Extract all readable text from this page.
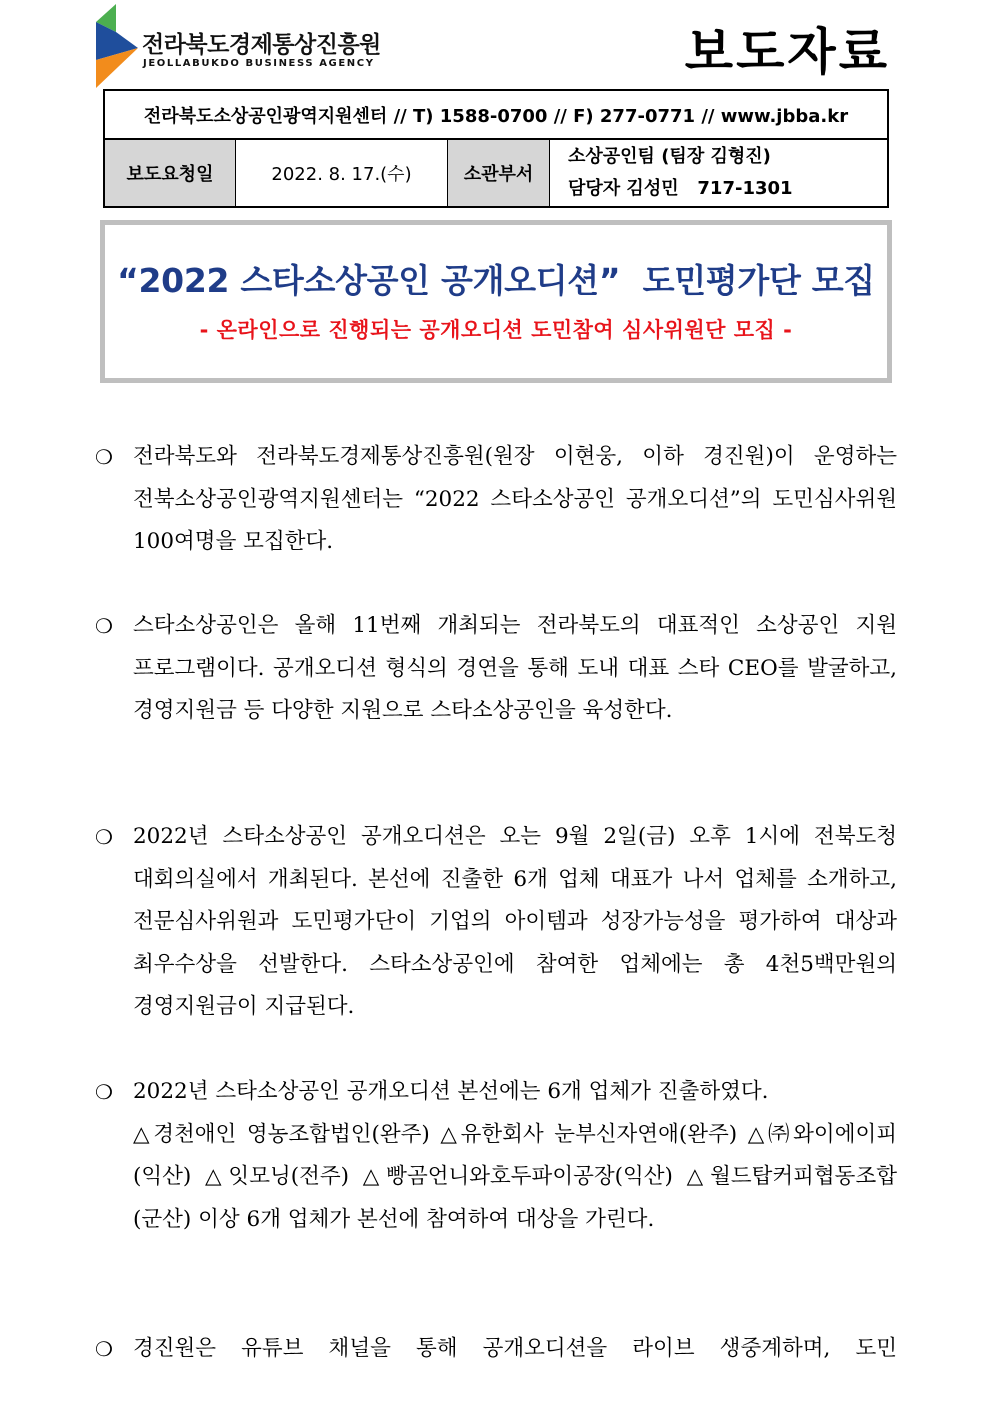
전라북도경제통상진흥원
JEOLLABUKDO BUSINESS AGENCY	보도자료
전라북도소상공인광역지원센터 // T) 1588-0700 // F) 277-0771 // www.jbba.kr
보도요청일	2022. 8. 17.(수)	소관부서
소상공인팀 (팀장 김형진)
담당자 김성민   717-1301
“2022 스타소상공인 공개오디션”  도민평가단 모집
- 온라인으로 진행되는 공개오디션 도민참여 심사위원단 모집 -
❍ 전라북도와 전라북도경제통상진흥원(원장 이현웅, 이하 경진원)이 운영하는 전북소상공인광역지원센터는 “2022 스타소상공인 공개오디션”의 도민심사위원 100여명을 모집한다.
❍ 스타소상공인은 올해 11번째 개최되는 전라북도의 대표적인 소상공인 지원 프로그램이다. 공개오디션 형식의 경연을 통해 도내 대표 스타 CEO를 발굴하고, 경영지원금 등 다양한 지원으로 스타소상공인을 육성한다.
❍ 2022년 스타소상공인 공개오디션은 오는 9월 2일(금) 오후 1시에 전북도청 대회의실에서 개최된다. 본선에 진출한 6개 업체 대표가 나서 업체를 소개하고, 전문심사위원과 도민평가단이 기업의 아이템과 성장가능성을 평가하여 대상과 최우수상을 선발한다. 스타소상공인에 참여한 업체에는 총 4천5백만원의 경영지원금이 지급된다.
❍ 2022년 스타소상공인 공개오디션 본선에는 6개 업체가 진출하였다.
△경천애인 영농조합법인(완주) △유한회사 눈부신자연애(완주) △㈜와이에이피(익산) △잇모닝(전주) △빵곰언니와호두파이공장(익산) △월드탑커피협동조합(군산) 이상 6개 업체가 본선에 참여하여 대상을 가린다.
❍ 경진원은 유튜브 채널을 통해 공개오디션을 라이브 생중계하며, 도민
